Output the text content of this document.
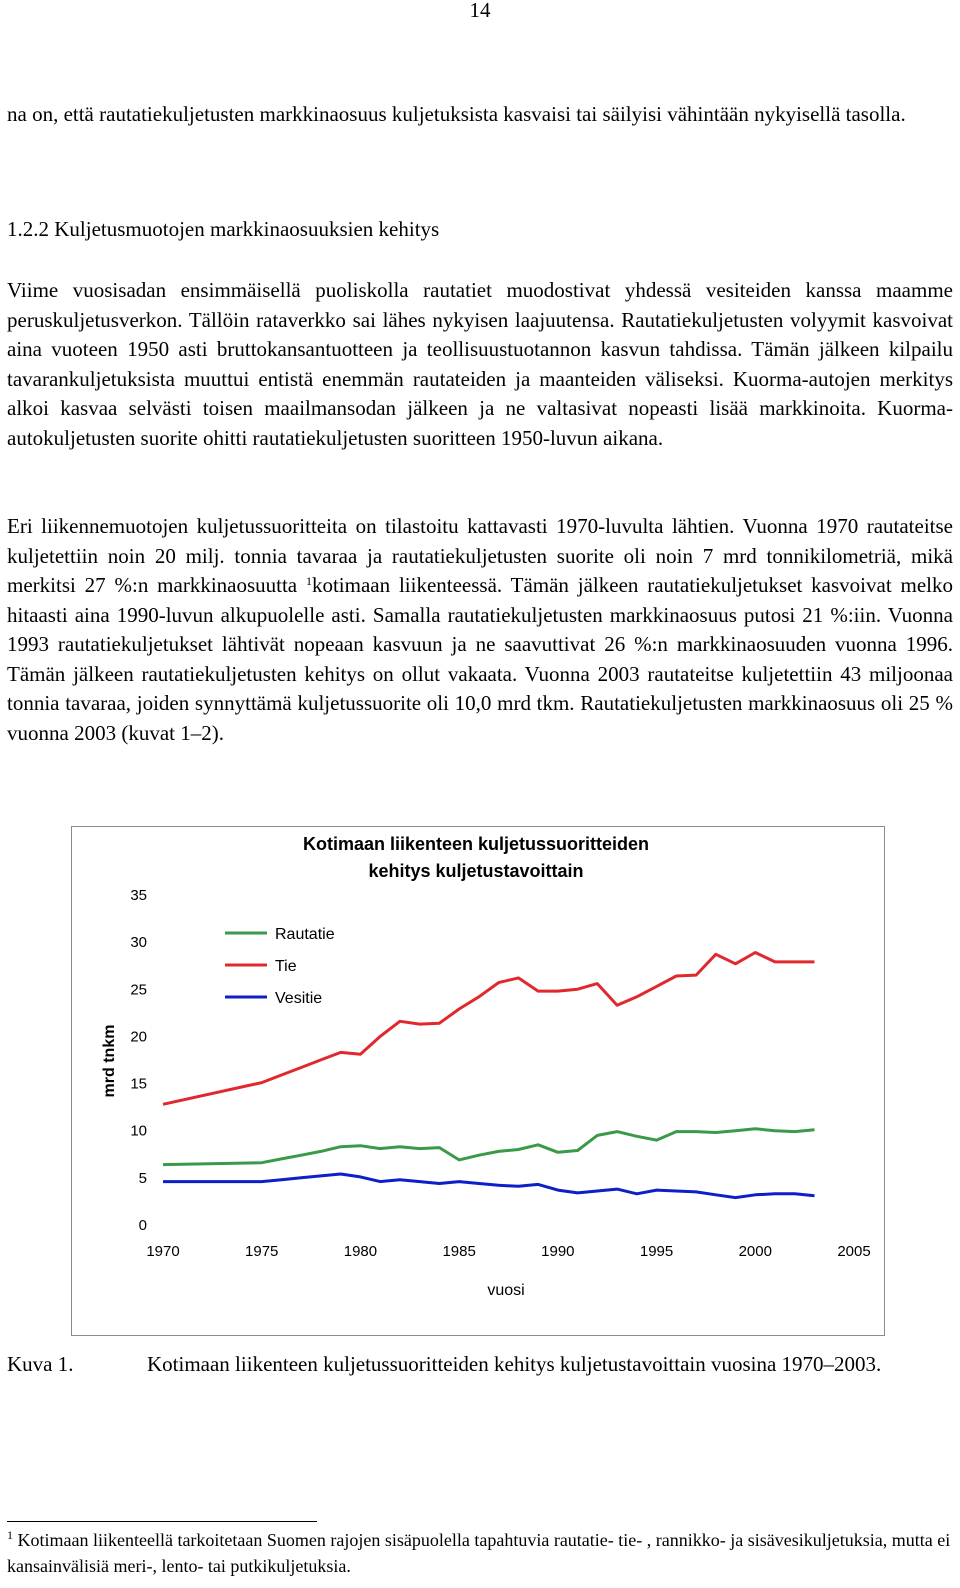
14

na on, että rautatiekuljetusten markkinaosuus kuljetuksista kasvaisi tai säilyisi vähintään nykyisellä tasolla.

1.2.2 Kuljetusmuotojen markkinaosuuksien kehitys

Viime vuosisadan ensimmäisellä puoliskolla rautatiet muodostivat yhdessä vesiteiden kanssa maamme peruskuljetusverkon. Tällöin rataverkko sai lähes nykyisen laajuutensa. Rautatiekuljetusten volyymit kasvoivat aina vuoteen 1950 asti bruttokansantuotteen ja teollisuustuotannon kasvun tahdissa. Tämän jälkeen kilpailu tavarankuljetuksista muuttui entistä enemmän rautateiden ja maanteiden väliseksi. Kuorma-autojen merkitys alkoi kasvaa selvästi toisen maailmansodan jälkeen ja ne valtasivat nopeasti lisää markkinoita. Kuorma-autokuljetusten suorite ohitti rautatiekuljetusten suoritteen 1950-luvun aikana.

Eri liikennemuotojen kuljetussuoritteita on tilastoitu kattavasti 1970-luvulta lähtien. Vuonna 1970 rautateitse kuljetettiin noin 20 milj. tonnia tavaraa ja rautatiekuljetusten suorite oli noin 7 mrd tonnikilometriä, mikä merkitsi 27 %:n markkinaosuutta $^1$kotimaan liikenteessä. Tämän jälkeen rautatiekuljetukset kasvoivat melko hitaasti aina 1990-luvun alkupuolelle asti. Samalla rautatiekuljetusten markkinaosuus putosi 21 %:iin. Vuonna 1993 rautatiekuljetukset lähtivät nopeaan kasvuun ja ne saavuttivat 26 %:n markkinaosuuden vuonna 1996. Tämän jälkeen rautatiekuljetusten kehitys on ollut vakaata. Vuonna 2003 rautateitse kuljetettiin 43 miljoonaa tonnia tavaraa, joiden synnyttämä kuljetussuorite oli 10,0 mrd tkm. Rautatiekuljetusten markkinaosuus oli 25 % vuonna 2003 (kuvat 1–2).

Kotimaan liikenteen kuljetussuoritteiden kehitys kuljetustavoittain
0
5
10
15
20
25
30
35
1970	1975	1980	1985	1990	1995	2000	2005
vuosi
mrd tnkm
Rautatie
Tie
Vesitie
Kuva 1.	Kotimaan liikenteen kuljetussuoritteiden kehitys kuljetustavoittain vuosina 1970–2003.
$^1$ Kotimaan liikenteellä tarkoitetaan Suomen rajojen sisäpuolella tapahtuvia rautatie- tie- , rannikko- ja sisävesikuljetuksia, mutta ei kansainvälisiä meri-, lento- tai putkikuljetuksia.
